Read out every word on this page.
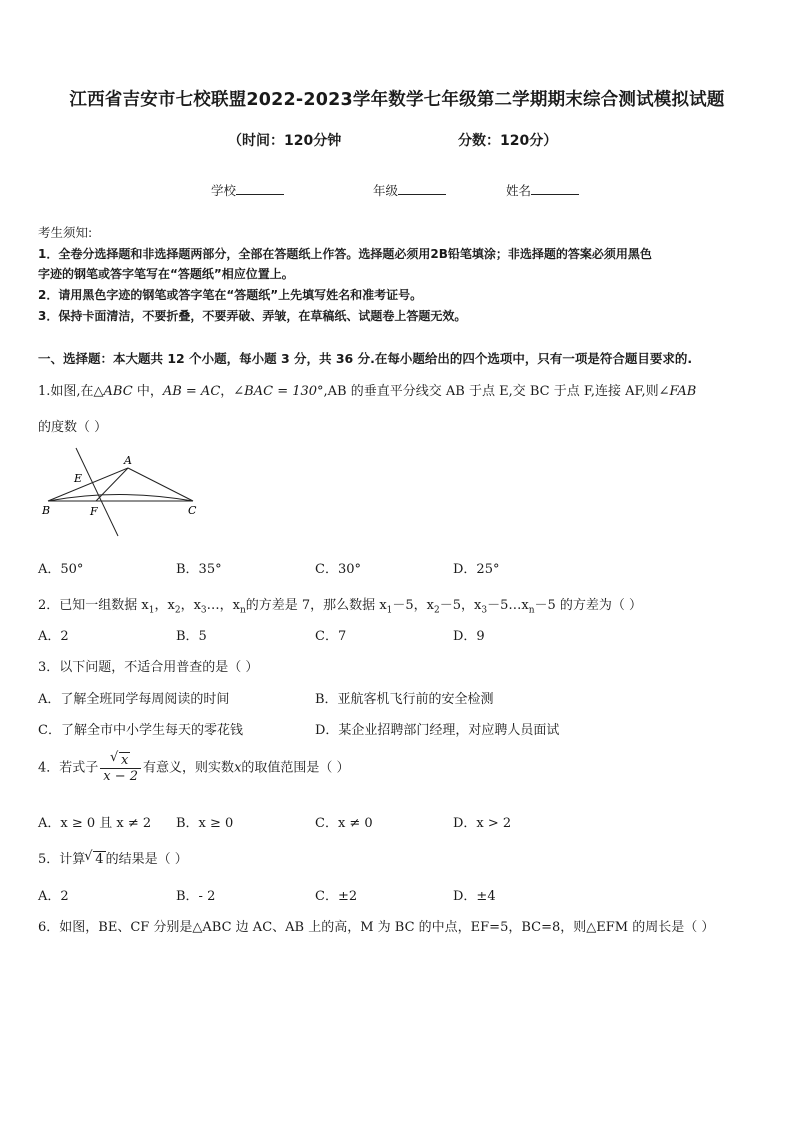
江西省吉安市七校联盟2022-2023学年数学七年级第二学期期末综合测试模拟试题
（时间：120分钟	分数：120分）
学校	年级	姓名
考生须知:
1．全卷分选择题和非选择题两部分，全部在答题纸上作答。选择题必须用2B铅笔填涂；非选择题的答案必须用黑色
字迹的钢笔或答字笔写在“答题纸”相应位置上。
2．请用黑色字迹的钢笔或答字笔在“答题纸”上先填写姓名和准考证号。
3．保持卡面清洁，不要折叠，不要弄破、弄皱，在草稿纸、试题卷上答题无效。
一、选择题：本大题共 12 个小题，每小题 3 分，共 36 分.在每小题给出的四个选项中，只有一项是符合题目要求的.
1.如图,在△ABC 中，AB = AC，∠BAC = 130°,AB 的垂直平分线交 AB 于点 E,交 BC 于点 F,连接 AF,则∠FAB
的度数（ ）
A
B	C
E
F
A．50°	B．35°	C．30°	D．25°
2．已知一组数据 $x_1$，$x_2$，$x_3\dots$，$x_n$的方差是 7，那么数据 $x_1-5$，$x_2-5$，$x_3-5\dots x_n-5$ 的方差为（ ）
A．2	B．5	C．7	D．9
3．以下问题，不适合用普查的是（ ）
A．了解全班同学每周阅读的时间	B．亚航客机飞行前的安全检测
C．了解全市中小学生每天的零花钱	D．某企业招聘部门经理，对应聘人员面试
4．若式子 √ $\frac{x}{x - 2}$ 有意义，则实数x的取值范围是（ ）
A．x ≥ 0 且 x ≠ 2 B．x ≥ 0	C．x ≠ 0	D．x > 2
5．计算 √ 4 的结果是（ ）
A．2	B．- 2	C．±2	D．±4
6．如图，BE、CF 分别是△ABC 边 AC、AB 上的高，M 为 BC 的中点，EF=5，BC=8，则△EFM 的周长是（ ）
